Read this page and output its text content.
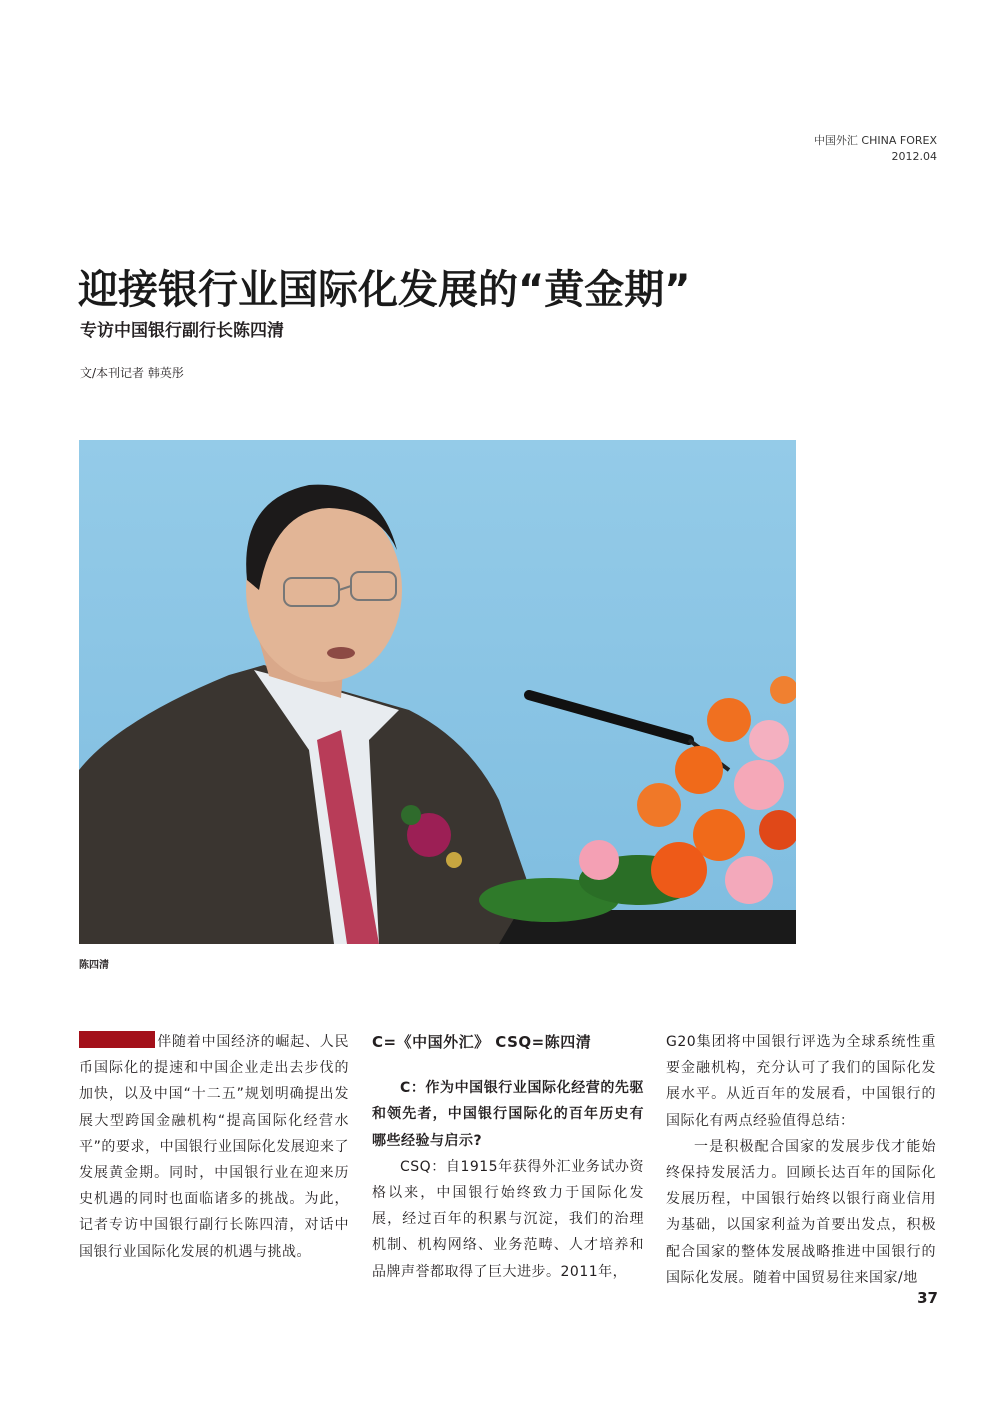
中国外汇 CHINA FOREX
2012.04
迎接银行业国际化发展的“黄金期”
专访中国银行副行长陈四清
文/本刊记者 韩英彤
陈四清

伴随着中国经济的崛起、人民币国际化的提速和中国企业走出去步伐的加快，以及中国“十二五”规划明确提出发展大型跨国金融机构“提高国际化经营水平”的要求，中国银行业国际化发展迎来了发展黄金期。同时，中国银行业在迎来历史机遇的同时也面临诸多的挑战。为此，记者专访中国银行副行长陈四清，对话中国银行业国际化发展的机遇与挑战。

C=《中国外汇》 CSQ=陈四清

C：作为中国银行业国际化经营的先驱和领先者，中国银行国际化的百年历史有哪些经验与启示?

CSQ：自1915年获得外汇业务试办资格以来，中国银行始终致力于国际化发展，经过百年的积累与沉淀，我们的治理机制、机构网络、业务范畴、人才培养和品牌声誉都取得了巨大进步。2011年，

G20集团将中国银行评选为全球系统性重要金融机构，充分认可了我们的国际化发展水平。从近百年的发展看，中国银行的国际化有两点经验值得总结：

一是积极配合国家的发展步伐才能始终保持发展活力。回顾长达百年的国际化发展历程，中国银行始终以银行商业信用为基础，以国家利益为首要出发点，积极配合国家的整体发展战略推进中国银行的国际化发展。随着中国贸易往来国家/地

37
